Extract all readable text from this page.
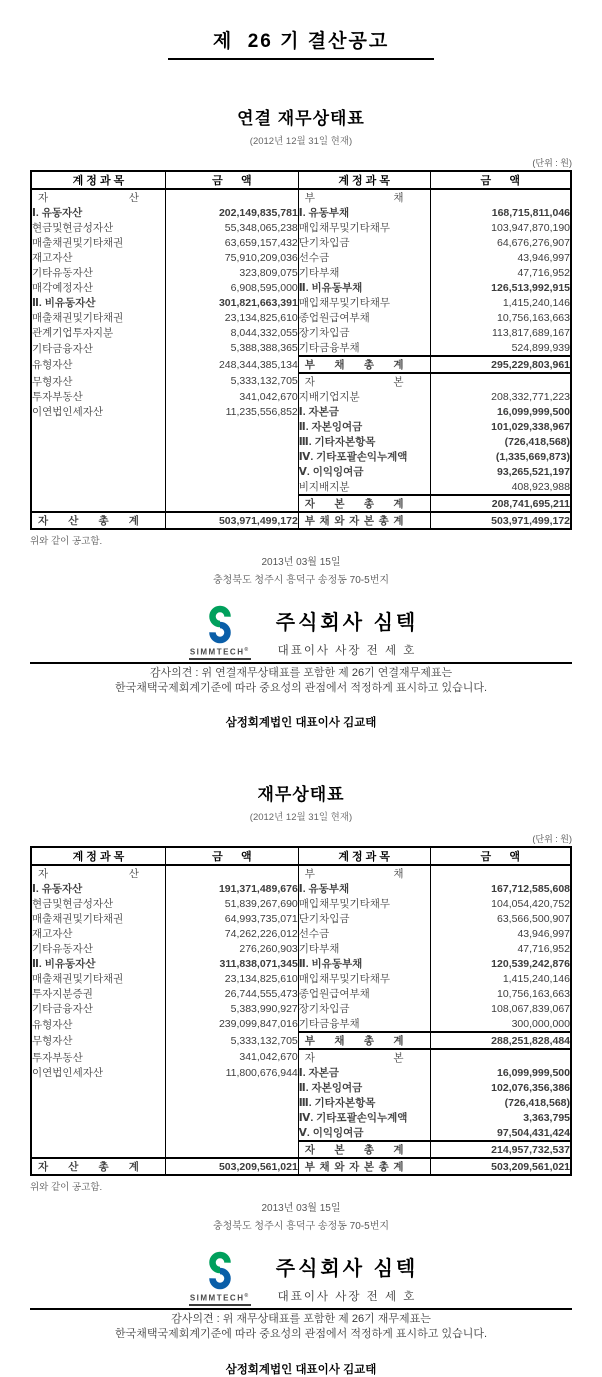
제  26 기 결산공고
연결 재무상태표
(2012년 12월 31일 현재)
(단위 : 원)
계 정 과 목	금      액	계 정 과 목	금      액

자 산		부 채	

Ⅰ. 유동자산	202,149,835,781	Ⅰ. 유동부채	168,715,811,046
현금및현금성자산	55,348,065,238	매입채무및기타채무	103,947,870,190
매출채권및기타채권	63,659,157,432	단기차입금	64,676,276,907
재고자산	75,910,209,036	선수금	43,946,997
기타유동자산	323,809,075	기타부채	47,716,952
매각예정자산	6,908,595,000	Ⅱ. 비유동부채	126,513,992,915
Ⅱ. 비유동자산	301,821,663,391	매입채무및기타채무	1,415,240,146
매출채권및기타채권	23,134,825,610	종업원급여부채	10,756,163,663
관계기업투자지분	8,044,332,055	장기차입금	113,817,689,167
기타금융자산	5,388,388,365	기타금융부채	524,899,939
유형자산	248,344,385,134	부 채 총 계	295,229,803,961
무형자산	5,333,132,705	자 본	

투자부동산	341,042,670	지배기업지분	208,332,771,223
이연법인세자산	11,235,556,852	Ⅰ. 자본금	16,099,999,500
		Ⅱ. 자본잉여금	101,029,338,967
		Ⅲ. 기타자본항목	(726,418,568)
		Ⅳ. 기타포괄손익누계액	(1,335,669,873)
		Ⅴ. 이익잉여금	93,265,521,197
		비지배지분	408,923,988

		자 본 총 계	208,741,695,211

자 산 총 계	503,971,499,172	부 채 와 자 본 총 계	503,971,499,172
위와 같이 공고함.
2013년 03월 15일
충청북도 청주시 흥덕구 송정동 70-5번지
SIMMTECH®
주식회사 심텍
대표이사 사장 전 세 호
감사의견 : 위 연결재무상태표를 포함한 제 26기 연결재무제표는
한국채택국제회계기준에 따라 중요성의 관점에서 적정하게 표시하고 있습니다.
삼정회계법인 대표이사 김교태
재무상태표
(2012년 12월 31일 현재)
(단위 : 원)
계 정 과 목	금      액	계 정 과 목	금      액

자 산		부 채	

Ⅰ. 유동자산	191,371,489,676	Ⅰ. 유동부채	167,712,585,608
현금및현금성자산	51,839,267,690	매입채무및기타채무	104,054,420,752
매출채권및기타채권	64,993,735,071	단기차입금	63,566,500,907
재고자산	74,262,226,012	선수금	43,946,997
기타유동자산	276,260,903	기타부채	47,716,952
Ⅱ. 비유동자산	311,838,071,345	Ⅱ. 비유동부채	120,539,242,876
매출채권및기타채권	23,134,825,610	매입채무및기타채무	1,415,240,146
투자지분증권	26,744,555,473	종업원급여부채	10,756,163,663
기타금융자산	5,383,990,927	장기차입금	108,067,839,067
유형자산	239,099,847,016	기타금융부채	300,000,000
무형자산	5,333,132,705	부 채 총 계	288,251,828,484
투자부동산	341,042,670	자 본	

이연법인세자산	11,800,676,944	Ⅰ. 자본금	16,099,999,500
		Ⅱ. 자본잉여금	102,076,356,386
		Ⅲ. 기타자본항목	(726,418,568)
		Ⅳ. 기타포괄손익누계액	3,363,795
		Ⅴ. 이익잉여금	97,504,431,424

		자 본 총 계	214,957,732,537

자 산 총 계	503,209,561,021	부 채 와 자 본 총 계	503,209,561,021
위와 같이 공고함.
2013년 03월 15일
충청북도 청주시 흥덕구 송정동 70-5번지
SIMMTECH®
주식회사 심텍
대표이사 사장 전 세 호
감사의견 : 위 재무상태표를 포함한 제 26기 재무제표는
한국채택국제회계기준에 따라 중요성의 관점에서 적정하게 표시하고 있습니다.
삼정회계법인 대표이사 김교태
